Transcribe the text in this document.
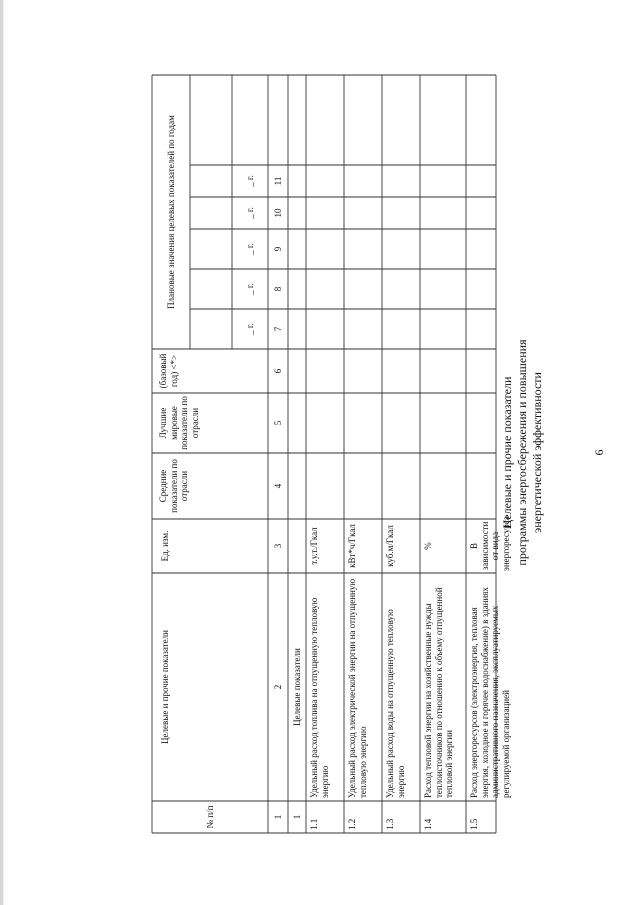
6
Целевые и прочие показатели программы энергосбережения и повышения энергетической эффективности
№ п/п
Целевые и прочие показатели
Ед. изм.
Средние показатели по отрасли
Лучшие мировые показатели по отрасли
(базовый год) <*>
Плановые значения целевых показателей по годам
_ г.
_ г.
_ г.
_ г.
_ г.
1
2
3
4
5
6
7
8
9
10
11
1
Целевые показатели
1.1
Удельный расход топлива на отпущенную тепловую энергию
т.у.т./Гкал
1.2
Удельный расход электрической энергии на отпущенную тепловую энергию
кВт*ч/Гкал
1.3
Удельный расход воды на отпущенную тепловую энергию
куб.м/Гкал
1.4
Расход тепловой энергии на хозяйственные нужды теплоисточников по отношению к объему отпущенной тепловой энергии
%
1.5
Расход энергоресурсов (электроэнергия, тепловая энергия, холодное и горячее водоснабжение) в зданиях административного назначения, эксплуатируемых регулируемой организацией
В зависимости от вида энергоресурса
